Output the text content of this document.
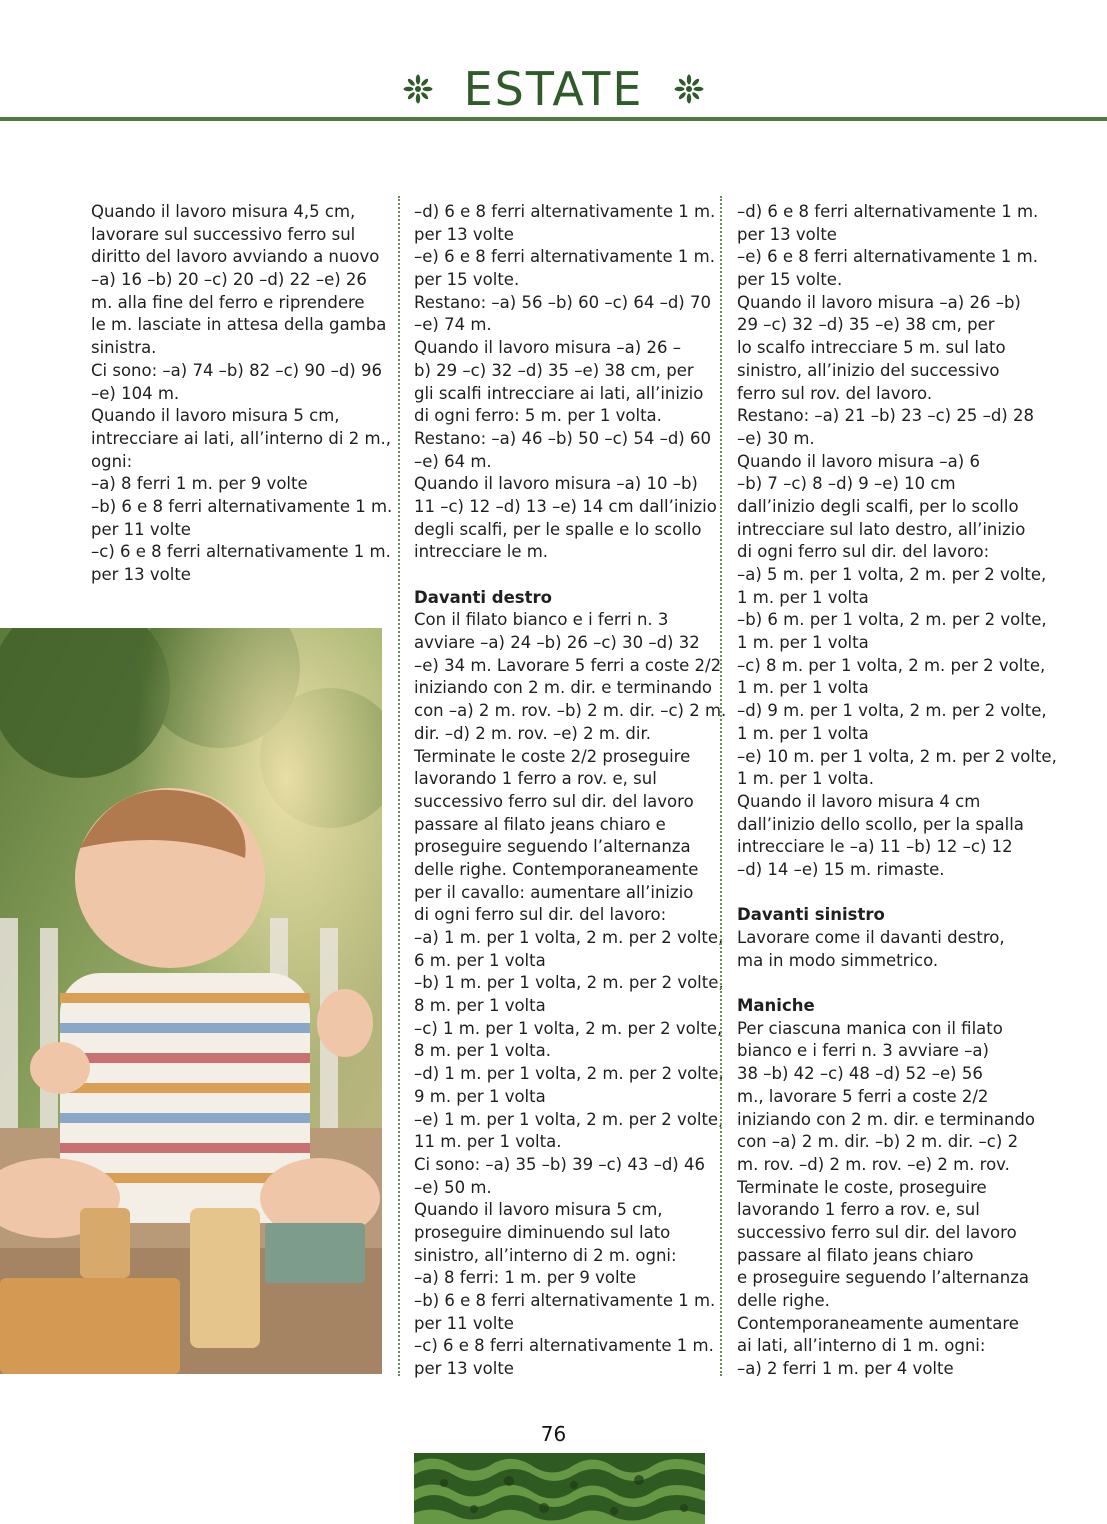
ESTATE
Quando il lavoro misura 4,5 cm,
lavorare sul successivo ferro sul
diritto del lavoro avviando a nuovo
–a) 16 –b) 20 –c) 20 –d) 22 –e) 26
m. alla fine del ferro e riprendere
le m. lasciate in attesa della gamba
sinistra.
Ci sono: –a) 74 –b) 82 –c) 90 –d) 96
–e) 104 m.
Quando il lavoro misura 5 cm,
intrecciare ai lati, all’interno di 2 m.,
ogni:
–a) 8 ferri 1 m. per 9 volte
–b) 6 e 8 ferri alternativamente 1 m.
per 11 volte
–c) 6 e 8 ferri alternativamente 1 m.
per 13 volte
–d) 6 e 8 ferri alternativamente 1 m.
per 13 volte
–e) 6 e 8 ferri alternativamente 1 m.
per 15 volte.
Restano: –a) 56 –b) 60 –c) 64 –d) 70
–e) 74 m.
Quando il lavoro misura –a) 26 –
b) 29 –c) 32 –d) 35 –e) 38 cm, per
gli scalfi intrecciare ai lati, all’inizio
di ogni ferro: 5 m. per 1 volta.
Restano: –a) 46 –b) 50 –c) 54 –d) 60
–e) 64 m.
Quando il lavoro misura –a) 10 –b)
11 –c) 12 –d) 13 –e) 14 cm dall’inizio
degli scalfi, per le spalle e lo scollo
intrecciare le m.
Davanti destro
Con il filato bianco e i ferri n. 3
avviare –a) 24 –b) 26 –c) 30 –d) 32
–e) 34 m. Lavorare 5 ferri a coste 2/2
iniziando con 2 m. dir. e terminando
con –a) 2 m. rov. –b) 2 m. dir. –c) 2 m.
dir. –d) 2 m. rov. –e) 2 m. dir.
Terminate le coste 2/2 proseguire
lavorando 1 ferro a rov. e, sul
successivo ferro sul dir. del lavoro
passare al filato jeans chiaro e
proseguire seguendo l’alternanza
delle righe. Contemporaneamente
per il cavallo: aumentare all’inizio
di ogni ferro sul dir. del lavoro:
–a) 1 m. per 1 volta, 2 m. per 2 volte,
6 m. per 1 volta
–b) 1 m. per 1 volta, 2 m. per 2 volte,
8 m. per 1 volta
–c) 1 m. per 1 volta, 2 m. per 2 volte,
8 m. per 1 volta.
–d) 1 m. per 1 volta, 2 m. per 2 volte,
9 m. per 1 volta
–e) 1 m. per 1 volta, 2 m. per 2 volte,
11 m. per 1 volta.
Ci sono: –a) 35 –b) 39 –c) 43 –d) 46
–e) 50 m.
Quando il lavoro misura 5 cm,
proseguire diminuendo sul lato
sinistro, all’interno di 2 m. ogni:
–a) 8 ferri: 1 m. per 9 volte
–b) 6 e 8 ferri alternativamente 1 m.
per 11 volte
–c) 6 e 8 ferri alternativamente 1 m.
per 13 volte
–d) 6 e 8 ferri alternativamente 1 m.
per 13 volte
–e) 6 e 8 ferri alternativamente 1 m.
per 15 volte.
Quando il lavoro misura –a) 26 –b)
29 –c) 32 –d) 35 –e) 38 cm, per
lo scalfo intrecciare 5 m. sul lato
sinistro, all’inizio del successivo
ferro sul rov. del lavoro.
Restano: –a) 21 –b) 23 –c) 25 –d) 28
–e) 30 m.
Quando il lavoro misura –a) 6
–b) 7 –c) 8 –d) 9 –e) 10 cm
dall’inizio degli scalfi, per lo scollo
intrecciare sul lato destro, all’inizio
di ogni ferro sul dir. del lavoro:
–a) 5 m. per 1 volta, 2 m. per 2 volte,
1 m. per 1 volta
–b) 6 m. per 1 volta, 2 m. per 2 volte,
1 m. per 1 volta
–c) 8 m. per 1 volta, 2 m. per 2 volte,
1 m. per 1 volta
–d) 9 m. per 1 volta, 2 m. per 2 volte,
1 m. per 1 volta
–e) 10 m. per 1 volta, 2 m. per 2 volte,
1 m. per 1 volta.
Quando il lavoro misura 4 cm
dall’inizio dello scollo, per la spalla
intrecciare le –a) 11 –b) 12 –c) 12
–d) 14 –e) 15 m. rimaste.
Davanti sinistro
Lavorare come il davanti destro,
ma in modo simmetrico.
Maniche
Per ciascuna manica con il filato
bianco e i ferri n. 3 avviare –a)
38 –b) 42 –c) 48 –d) 52 –e) 56
m., lavorare 5 ferri a coste 2/2
iniziando con 2 m. dir. e terminando
con –a) 2 m. dir. –b) 2 m. dir. –c) 2
m. rov. –d) 2 m. rov. –e) 2 m. rov.
Terminate le coste, proseguire
lavorando 1 ferro a rov. e, sul
successivo ferro sul dir. del lavoro
passare al filato jeans chiaro
e proseguire seguendo l’alternanza
delle righe.
Contemporaneamente aumentare
ai lati, all’interno di 1 m. ogni:
–a) 2 ferri 1 m. per 4 volte
76
